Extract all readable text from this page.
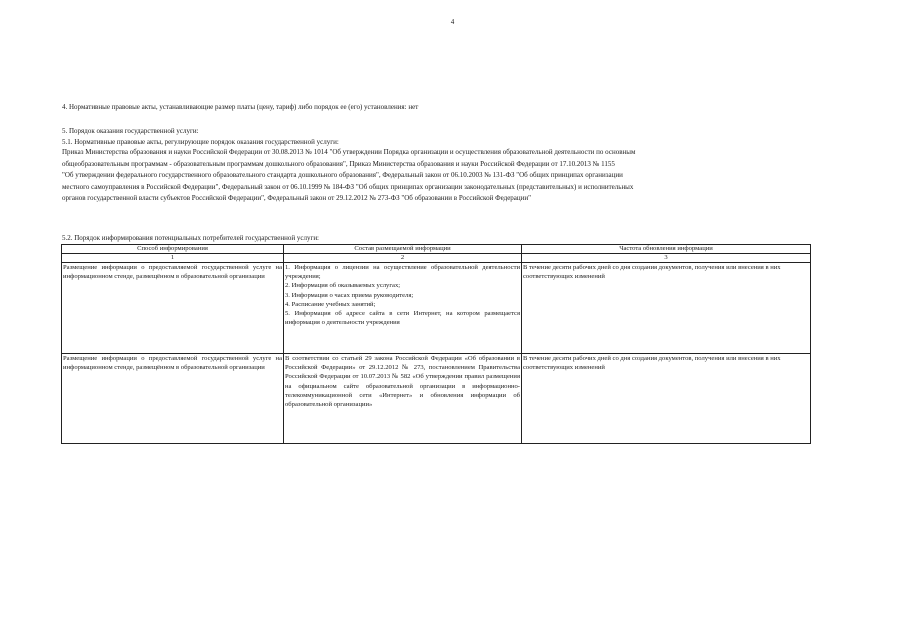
4
4. Нормативные правовые акты, устанавливающие размер платы (цену, тариф) либо порядок ее (его) установления: нет
5. Порядок оказания государственной услуги:
5.1. Нормативные правовые акты, регулирующие порядок оказания государственной услуги:
Приказ Министерства образования и науки Российской Федерации от 30.08.2013 № 1014 "Об утверждении Порядка организации и осуществления образовательной деятельности по основным
общеобразовательным программам - образовательным программам дошкольного образования", Приказ Министерства образования и науки Российской Федерации от 17.10.2013 № 1155
"Об утверждении федерального государственного образовательного стандарта дошкольного образования", Федеральный закон от 06.10.2003 № 131-ФЗ "Об общих принципах организации
местного самоуправления в Российской Федерации", Федеральный закон от 06.10.1999 № 184-ФЗ "Об общих принципах организации законодательных (представительных) и исполнительных
органов государственной власти субъектов Российской Федерации", Федеральный закон от 29.12.2012 № 273-ФЗ "Об образовании в Российской Федерации"
5.2. Порядок информирования потенциальных потребителей государственной услуги:
Способ информирования	Состав размещаемой информации	Частота обновления информации
1	2	3
Размещение информации о предоставляемой государственной услуге на информационном стенде, размещённом в образовательной организации	1. Информация о лицензии на осуществление образовательной деятельности учреждения;
2. Информация об оказываемых услугах;
3. Информация о часах приема руководителя;
4. Расписание учебных занятий;
5. Информация об адресе сайта в сети Интернет, на котором размещается информация о деятельности учреждения	В течение десяти рабочих дней со дня создания документов, получения или внесения в них соответствующих изменений
Размещение информации о предоставляемой государственной услуге на информационном стенде, размещённом в образовательной организации	В соответствии со статьей 29 закона Российской Федерации «Об образовании в Российской Федерации» от 29.12.2012 № 273, постановлением Правительства Российской Федерации от 10.07.2013 № 582 «Об утверждении правил размещения на официальном сайте образовательной организации в информационно-телекоммуникационной сети «Интернет» и обновления информации об образовательной организации»	В течение десяти рабочих дней со дня создания документов, получения или внесения в них соответствующих изменений
